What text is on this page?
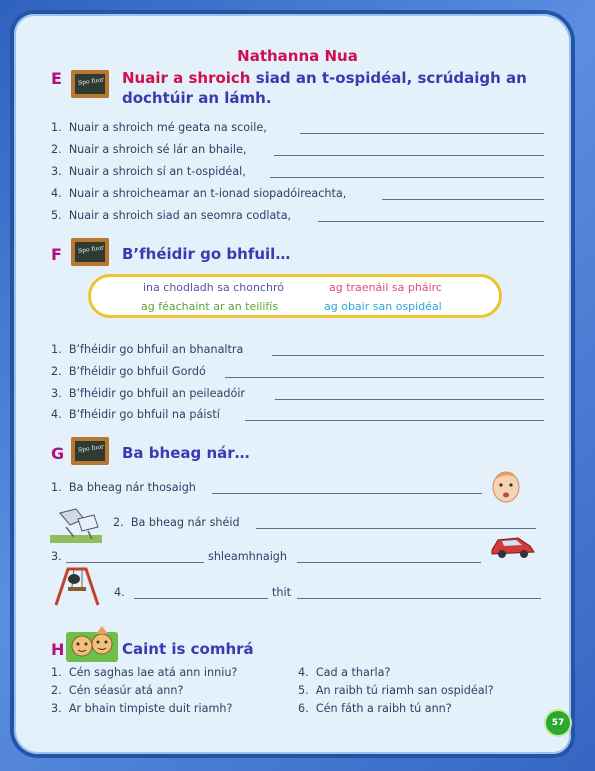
Nathanna Nua
E	Spo fuor Nuair a shroich siad an t-ospidéal, scrúdaigh an
dochtúir an lámh.
1. Nuair a shroich mé geata na scoile,
2. Nuair a shroich sé lár an bhaile,
3. Nuair a shroich sí an t-ospidéal,
4. Nuair a shroicheamar an t-ionad siopadóireachta,
5. Nuair a shroich siad an seomra codlata,
F	Spo fuor B’fhéidir go bhfuil…
ina chodladh sa chonchró	ag traenáil sa pháirc
ag féachaint ar an teilifís	ag obair san ospidéal
1. B’fhéidir go bhfuil an bhanaltra
2. B’fhéidir go bhfuil Gordó
3. B’fhéidir go bhfuil an peileadóir
4. B’fhéidir go bhfuil na páistí
G Spo fuor Ba bheag nár…
1. Ba bheag nár thosaigh
2. Ba bheag nár shéid
3.	shleamhnaigh
4.	thit
H	Caint is comhrá
1. Cén saghas lae atá ann inniu?
2. Cén séasúr atá ann?
3. Ar bhain timpiste duit riamh?
4. Cad a tharla?
5. An raibh tú riamh san ospidéal?
6. Cén fáth a raibh tú ann?
57
